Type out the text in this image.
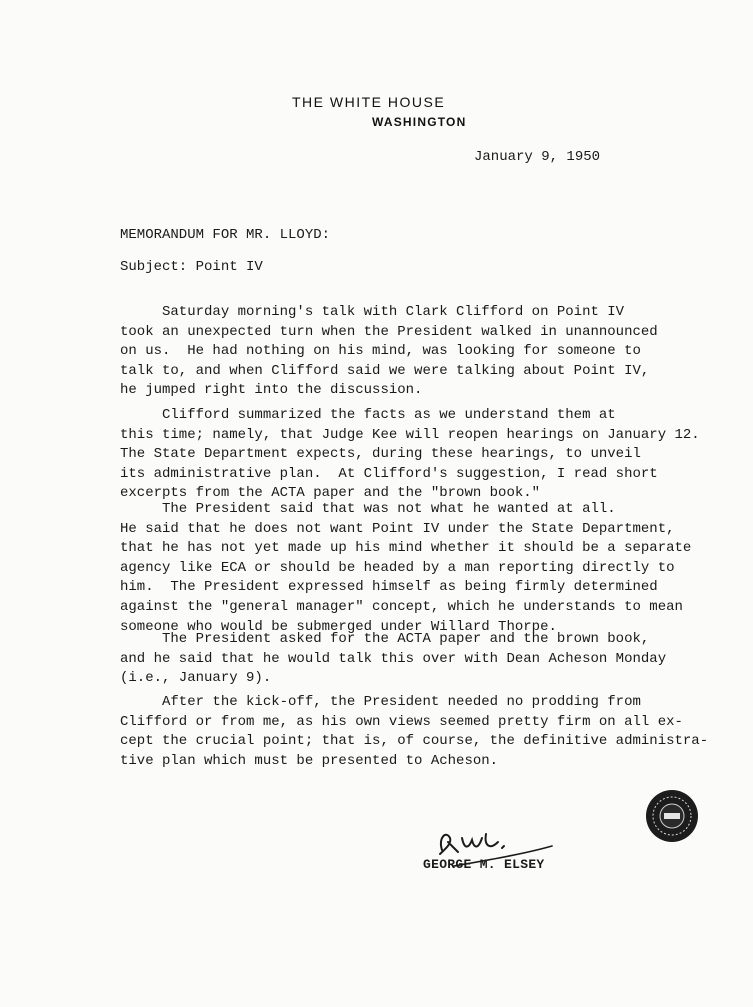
THE WHITE HOUSE
WASHINGTON
January 9, 1950
MEMORANDUM FOR MR. LLOYD:
Subject: Point IV
Saturday morning's talk with Clark Clifford on Point IV
took an unexpected turn when the President walked in unannounced
on us.  He had nothing on his mind, was looking for someone to
talk to, and when Clifford said we were talking about Point IV,
he jumped right into the discussion.
Clifford summarized the facts as we understand them at
this time; namely, that Judge Kee will reopen hearings on January 12.
The State Department expects, during these hearings, to unveil
its administrative plan.  At Clifford's suggestion, I read short
excerpts from the ACTA paper and the "brown book."
The President said that was not what he wanted at all.
He said that he does not want Point IV under the State Department,
that he has not yet made up his mind whether it should be a separate
agency like ECA or should be headed by a man reporting directly to
him.  The President expressed himself as being firmly determined
against the "general manager" concept, which he understands to mean
someone who would be submerged under Willard Thorpe.
The President asked for the ACTA paper and the brown book,
and he said that he would talk this over with Dean Acheson Monday
(i.e., January 9).
After the kick-off, the President needed no prodding from
Clifford or from me, as his own views seemed pretty firm on all ex-
cept the crucial point; that is, of course, the definitive administra-
tive plan which must be presented to Acheson.
GEORGE M. ELSEY
